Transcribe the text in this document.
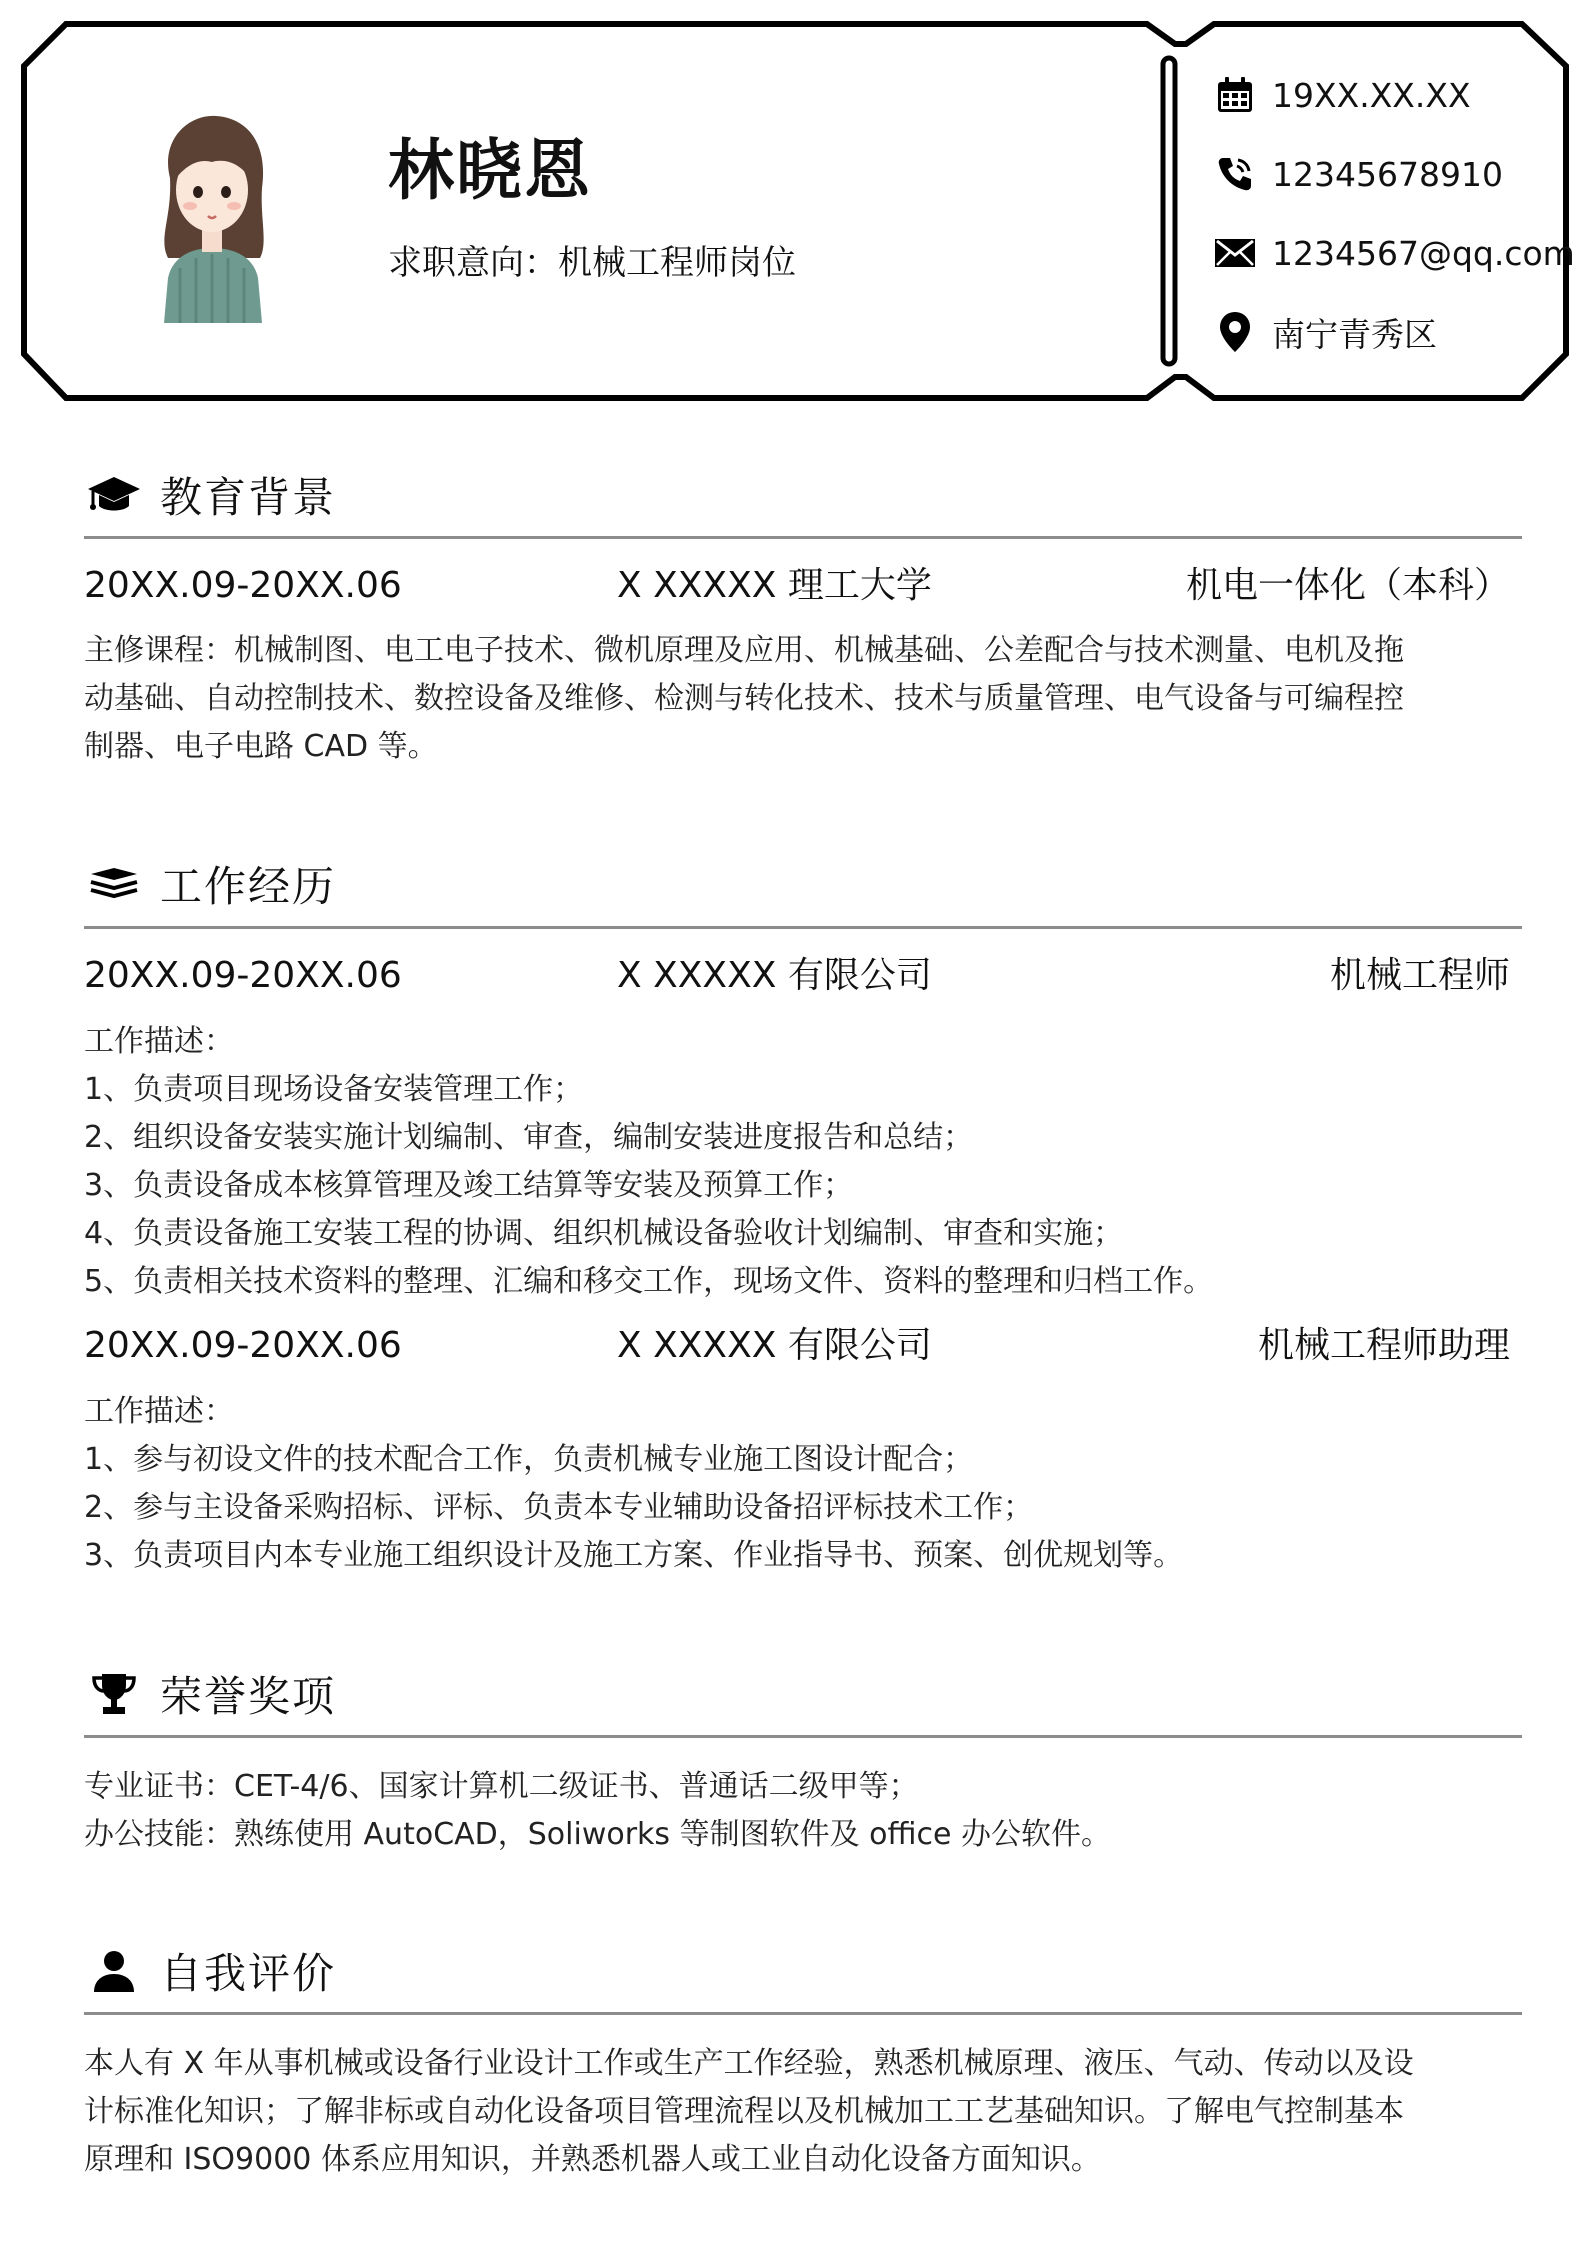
林晓恩
求职意向：机械工程师岗位
19XX.XX.XX
12345678910
1234567@qq.com
南宁青秀区
教育背景
20XX.09-20XX.06	X XXXXX 理工大学	机电一体化（本科）
主修课程：机械制图、电工电子技术、微机原理及应用、机械基础、公差配合与技术测量、电机及拖
动基础、自动控制技术、数控设备及维修、检测与转化技术、技术与质量管理、电气设备与可编程控
制器、电子电路 CAD 等。
工作经历
20XX.09-20XX.06	X XXXXX 有限公司	机械工程师
工作描述：
1、负责项目现场设备安装管理工作；
2、组织设备安装实施计划编制、审查，编制安装进度报告和总结；
3、负责设备成本核算管理及竣工结算等安装及预算工作；
4、负责设备施工安装工程的协调、组织机械设备验收计划编制、审查和实施；
5、负责相关技术资料的整理、汇编和移交工作，现场文件、资料的整理和归档工作。
20XX.09-20XX.06	X XXXXX 有限公司	机械工程师助理
工作描述：
1、参与初设文件的技术配合工作，负责机械专业施工图设计配合；
2、参与主设备采购招标、评标、负责本专业辅助设备招评标技术工作；
3、负责项目内本专业施工组织设计及施工方案、作业指导书、预案、创优规划等。
荣誉奖项
专业证书：CET-4/6、国家计算机二级证书、普通话二级甲等；
办公技能：熟练使用 AutoCAD，Soliworks 等制图软件及 office 办公软件。
自我评价
本人有 X 年从事机械或设备行业设计工作或生产工作经验，熟悉机械原理、液压、气动、传动以及设
计标准化知识；了解非标或自动化设备项目管理流程以及机械加工工艺基础知识。了解电气控制基本
原理和 ISO9000 体系应用知识，并熟悉机器人或工业自动化设备方面知识。
